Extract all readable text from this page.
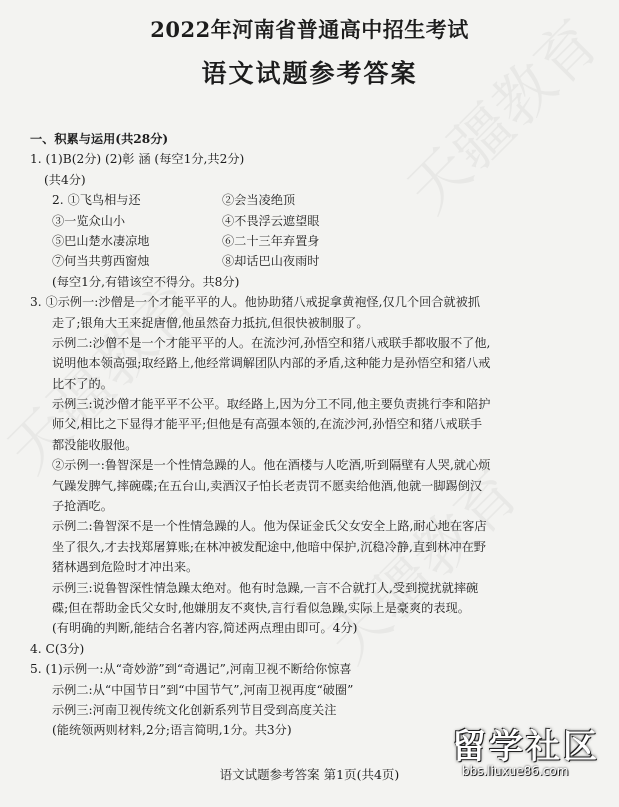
2022年河南省普通高中招生考试
语文试题参考答案
一、积累与运用(共28分)
1. (1)B(2分) (2)彰 涵 (每空1分,共2分)
(共4分)
2. ①飞鸟相与还	②会当凌绝顶
③一览众山小	④不畏浮云遮望眼
⑤巴山楚水凄凉地	⑥二十三年弃置身
⑦何当共剪西窗烛	⑧却话巴山夜雨时
(每空1分,有错该空不得分。共8分)
3. ①示例一:沙僧是一个才能平平的人。他协助猪八戒捉拿黄袍怪,仅几个回合就被抓
走了;银角大王来捉唐僧,他虽然奋力抵抗,但很快被制服了。
示例二:沙僧不是一个才能平平的人。在流沙河,孙悟空和猪八戒联手都收服不了他,
说明他本领高强;取经路上,他经常调解团队内部的矛盾,这种能力是孙悟空和猪八戒
比不了的。
示例三:说沙僧才能平平不公平。取经路上,因为分工不同,他主要负责挑行李和陪护
师父,相比之下显得才能平平;但他是有高强本领的,在流沙河,孙悟空和猪八戒联手
都没能收服他。
②示例一:鲁智深是一个性情急躁的人。他在酒楼与人吃酒,听到隔壁有人哭,就心烦
气躁发脾气,摔碗碟;在五台山,卖酒汉子怕长老责罚不愿卖给他酒,他就一脚踢倒汉
子抢酒吃。
示例二:鲁智深不是一个性情急躁的人。他为保证金氏父女安全上路,耐心地在客店
坐了很久,才去找郑屠算账;在林冲被发配途中,他暗中保护,沉稳冷静,直到林冲在野
猪林遇到危险时才冲出来。
示例三:说鲁智深性情急躁太绝对。他有时急躁,一言不合就打人,受到搅扰就摔碗
碟;但在帮助金氏父女时,他嫌朋友不爽快,言行看似急躁,实际上是豪爽的表现。
(有明确的判断,能结合名著内容,简述两点理由即可。4分)
4. C(3分)
5. (1)示例一:从“奇妙游”到“奇遇记”,河南卫视不断给你惊喜
示例二:从“中国节日”到“中国节气”,河南卫视再度“破圈”
示例三:河南卫视传统文化创新系列节目受到高度关注
(能统领两则材料,2分;语言简明,1分。共3分)
语文试题参考答案 第1页(共4页)
留学社区
bbs.liuxue86.com
